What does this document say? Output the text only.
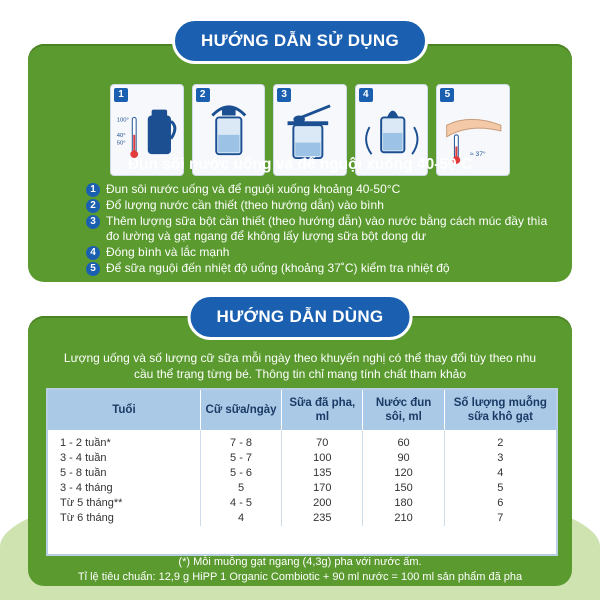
HƯỚNG DẪN SỬ DỤNG
100°
40°
50°
1	2	3	4
≈ 37°
5
Đun sôi nước uống và để nguội xuống 40-50 C
1 Đun sôi nước uống và để nguội xuống khoảng 40-50°C
2 Đổ lượng nước cần thiết (theo hướng dẫn) vào bình
3 Thêm lượng sữa bột cần thiết (theo hướng dẫn) vào nước bằng cách múc đầy thìa đo lường và gạt ngang để không lấy lượng sữa bột dong dư
4 Đóng bình và lắc mạnh
5 Để sữa nguội đến nhiệt độ uống (khoảng 37˚C) kiểm tra nhiệt độ
HƯỚNG DẪN DÙNG
Lượng uống và số lượng cữ sữa mỗi ngày theo khuyến nghị có thể thay đổi tùy theo nhu cầu thể trạng từng bé. Thông tin chỉ mang tính chất tham khảo
Tuổi	Cữ sữa/ngày	Sữa đã pha, ml	Nước đun sôi, ml	Số lượng muỗng sữa khô gạt
1 - 2 tuần*	7 - 8	70	60	2
3 - 4 tuần	5 - 7	100	90	3
5 - 8 tuần	5 - 6	135	120	4
3 - 4 tháng	5	170	150	5
Từ 5 tháng**	4 - 5	200	180	6
Từ 6 tháng	4	235	210	7
(*) Mỗi muỗng gạt ngang (4,3g) pha với nước ấm.
Tỉ lệ tiêu chuẩn: 12,9 g HiPP 1 Organic Combiotic + 90 ml nước = 100 ml sản phẩm đã pha
